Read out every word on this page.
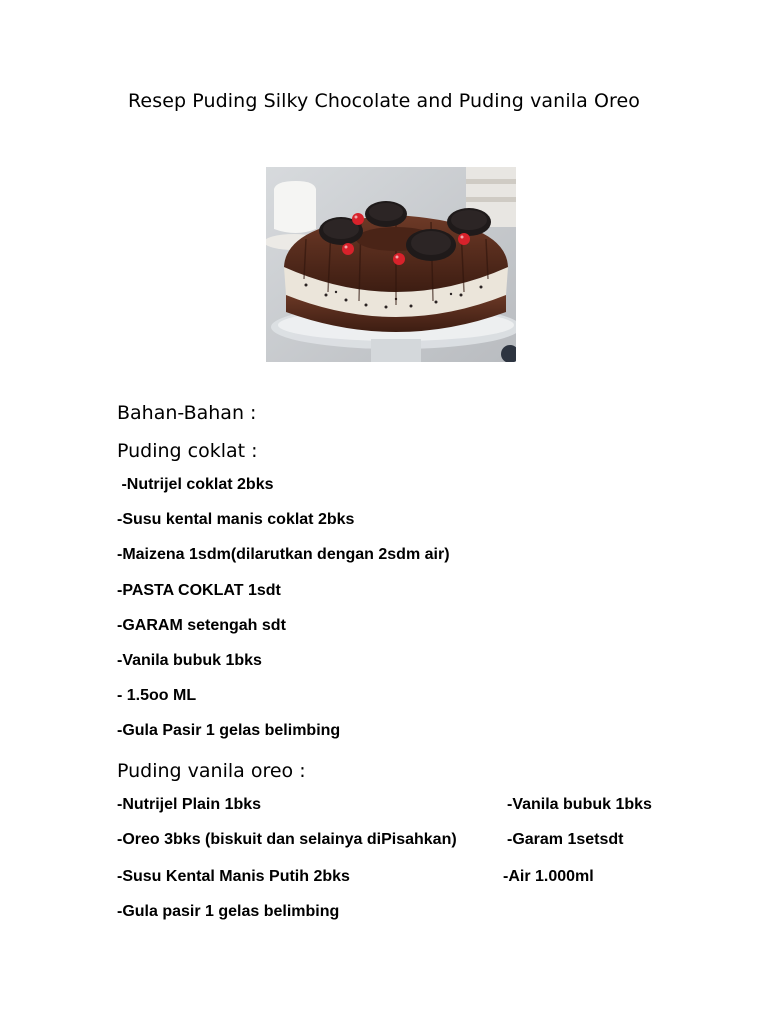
Resep Puding Silky Chocolate and Puding vanila Oreo
Bahan-Bahan :
Puding coklat :
-Nutrijel coklat 2bks
-Susu kental manis coklat 2bks
-Maizena 1sdm(dilarutkan dengan 2sdm air)
-PASTA COKLAT 1sdt
-GARAM setengah sdt
-Vanila bubuk 1bks
- 1.5oo ML
-Gula Pasir 1 gelas belimbing
Puding vanila oreo :
-Nutrijel Plain 1bks
-Oreo 3bks (biskuit dan selainya diPisahkan)
-Susu Kental Manis Putih 2bks
-Gula pasir 1 gelas belimbing
-Vanila bubuk 1bks
-Garam 1setsdt
-Air 1.000ml
